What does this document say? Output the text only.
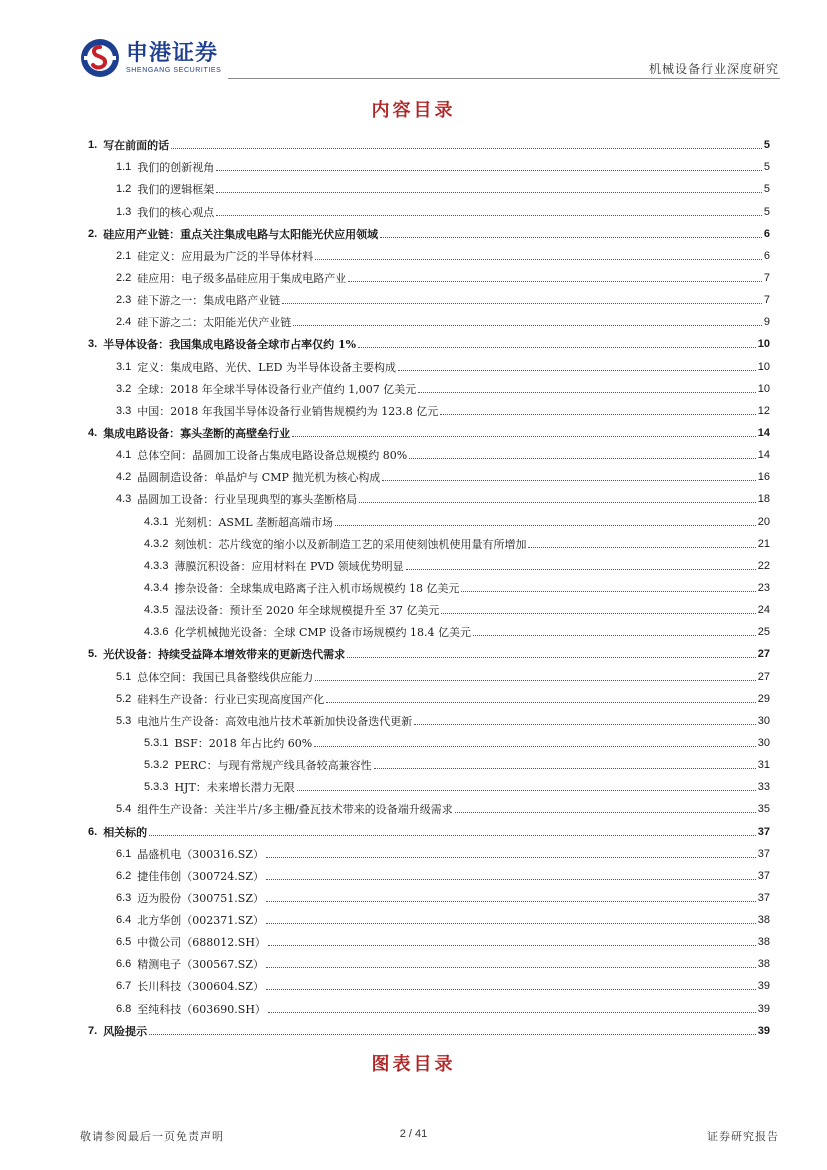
申港证券
SHENGANG SECURITIES	机械设备行业深度研究
内容目录
1. 写在前面的话	5
1.1 我们的创新视角	5
1.2 我们的逻辑框架	5
1.3 我们的核心观点	5
2. 硅应用产业链：重点关注集成电路与太阳能光伏应用领域	6
2.1 硅定义：应用最为广泛的半导体材料	6
2.2 硅应用：电子级多晶硅应用于集成电路产业	7
2.3 硅下游之一：集成电路产业链	7
2.4 硅下游之二：太阳能光伏产业链	9
3. 半导体设备：我国集成电路设备全球市占率仅约 1%	10
3.1 定义：集成电路、光伏、LED 为半导体设备主要构成	10
3.2 全球：2018 年全球半导体设备行业产值约 1,007 亿美元	10
3.3 中国：2018 年我国半导体设备行业销售规模约为 123.8 亿元	12
4. 集成电路设备：寡头垄断的高壁垒行业	14
4.1 总体空间：晶圆加工设备占集成电路设备总规模约 80%	14
4.2 晶圆制造设备：单晶炉与 CMP 抛光机为核心构成	16
4.3 晶圆加工设备：行业呈现典型的寡头垄断格局	18
4.3.1 光刻机：ASML 垄断超高端市场	20
4.3.2 刻蚀机：芯片线宽的缩小以及新制造工艺的采用使刻蚀机使用量有所增加	21
4.3.3 薄膜沉积设备：应用材料在 PVD 领域优势明显	22
4.3.4 掺杂设备：全球集成电路离子注入机市场规模约 18 亿美元	23
4.3.5 湿法设备：预计至 2020 年全球规模提升至 37 亿美元	24
4.3.6 化学机械抛光设备：全球 CMP 设备市场规模约 18.4 亿美元	25
5. 光伏设备：持续受益降本增效带来的更新迭代需求	27
5.1 总体空间：我国已具备整线供应能力	27
5.2 硅料生产设备：行业已实现高度国产化	29
5.3 电池片生产设备：高效电池片技术革新加快设备迭代更新	30
5.3.1 BSF：2018 年占比约 60%	30
5.3.2 PERC：与现有常规产线具备较高兼容性	31
5.3.3 HJT：未来增长潜力无限	33
5.4 组件生产设备：关注半片/多主栅/叠瓦技术带来的设备端升级需求	35
6. 相关标的	37
6.1 晶盛机电（300316.SZ）	37
6.2 捷佳伟创（300724.SZ）	37
6.3 迈为股份（300751.SZ）	37
6.4 北方华创（002371.SZ）	38
6.5 中微公司（688012.SH）	38
6.6 精测电子（300567.SZ）	38
6.7 长川科技（300604.SZ）	39
6.8 至纯科技（603690.SH）	39
7. 风险提示	39
图表目录
敬请参阅最后一页免责声明	2 / 41	证券研究报告
